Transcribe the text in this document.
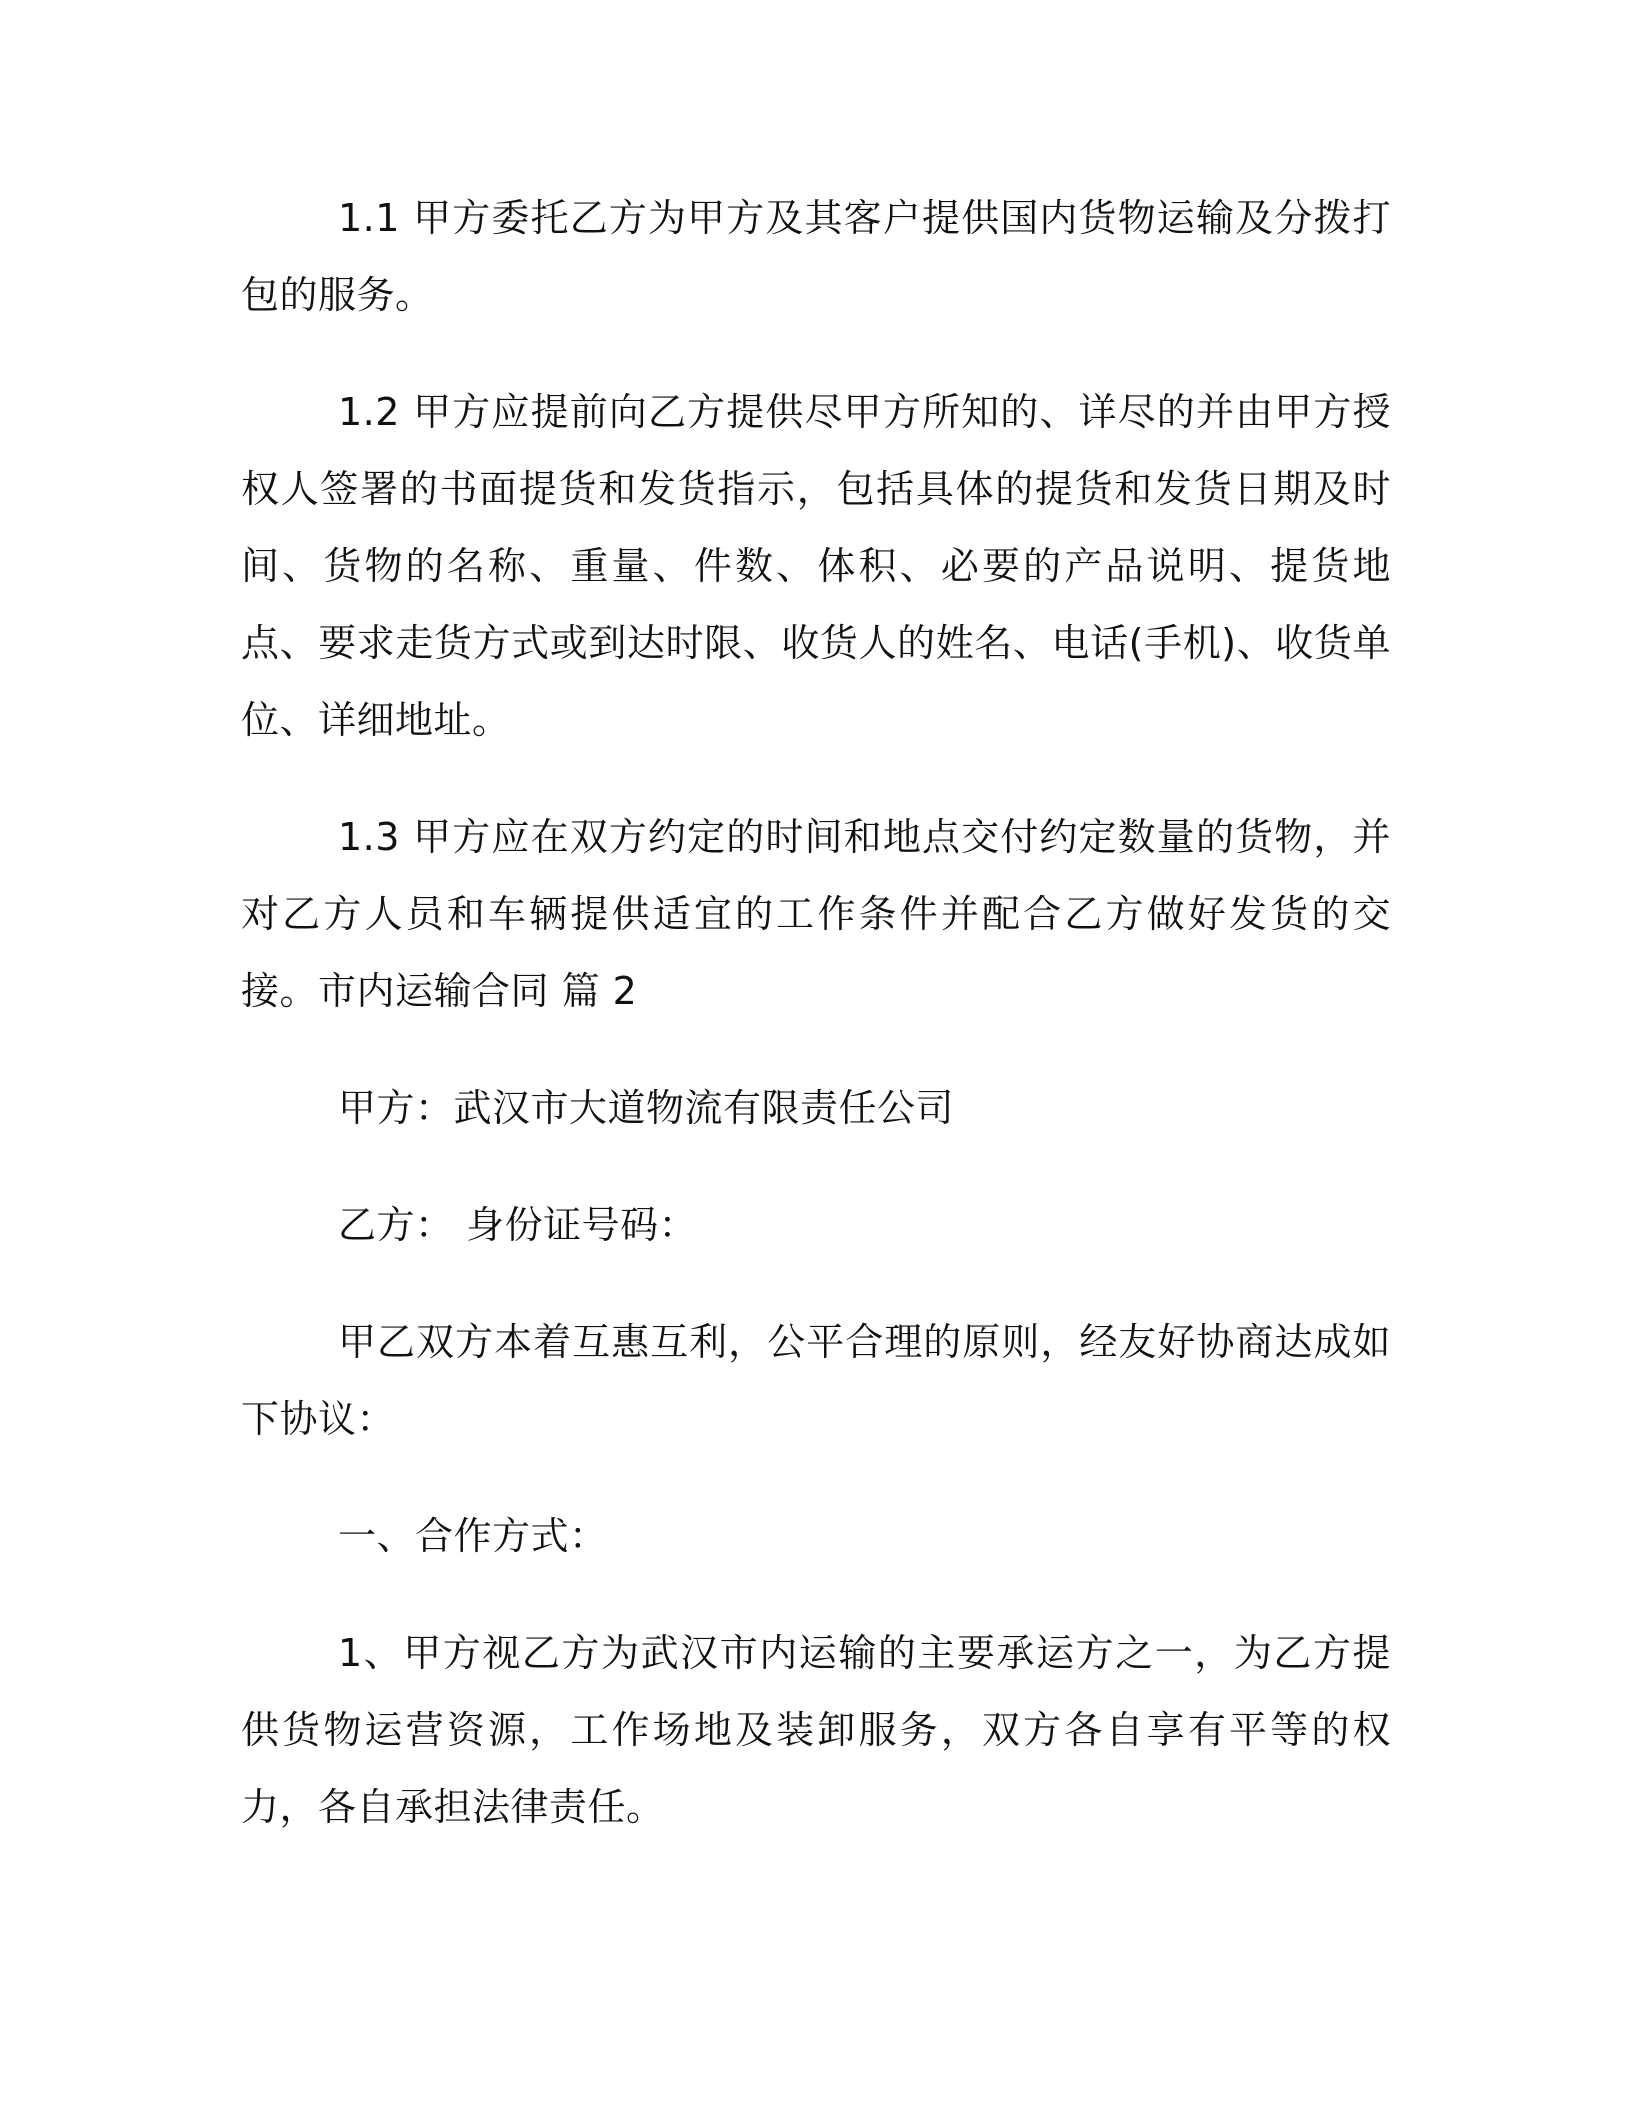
1.1 甲方委托乙方为甲方及其客户提供国内货物运输及分拨打包的服务。

1.2 甲方应提前向乙方提供尽甲方所知的、详尽的并由甲方授权人签署的书面提货和发货指示，包括具体的提货和发货日期及时间、货物的名称、重量、件数、体积、必要的产品说明、提货地点、要求走货方式或到达时限、收货人的姓名、电话(手机)、收货单位、详细地址。

1.3 甲方应在双方约定的时间和地点交付约定数量的货物，并对乙方人员和车辆提供适宜的工作条件并配合乙方做好发货的交接。市内运输合同 篇 2

甲方：武汉市大道物流有限责任公司

乙方： 身份证号码：

甲乙双方本着互惠互利，公平合理的原则，经友好协商达成如下协议：

一、合作方式：

1、甲方视乙方为武汉市内运输的主要承运方之一，为乙方提供货物运营资源，工作场地及装卸服务，双方各自享有平等的权力，各自承担法律责任。
